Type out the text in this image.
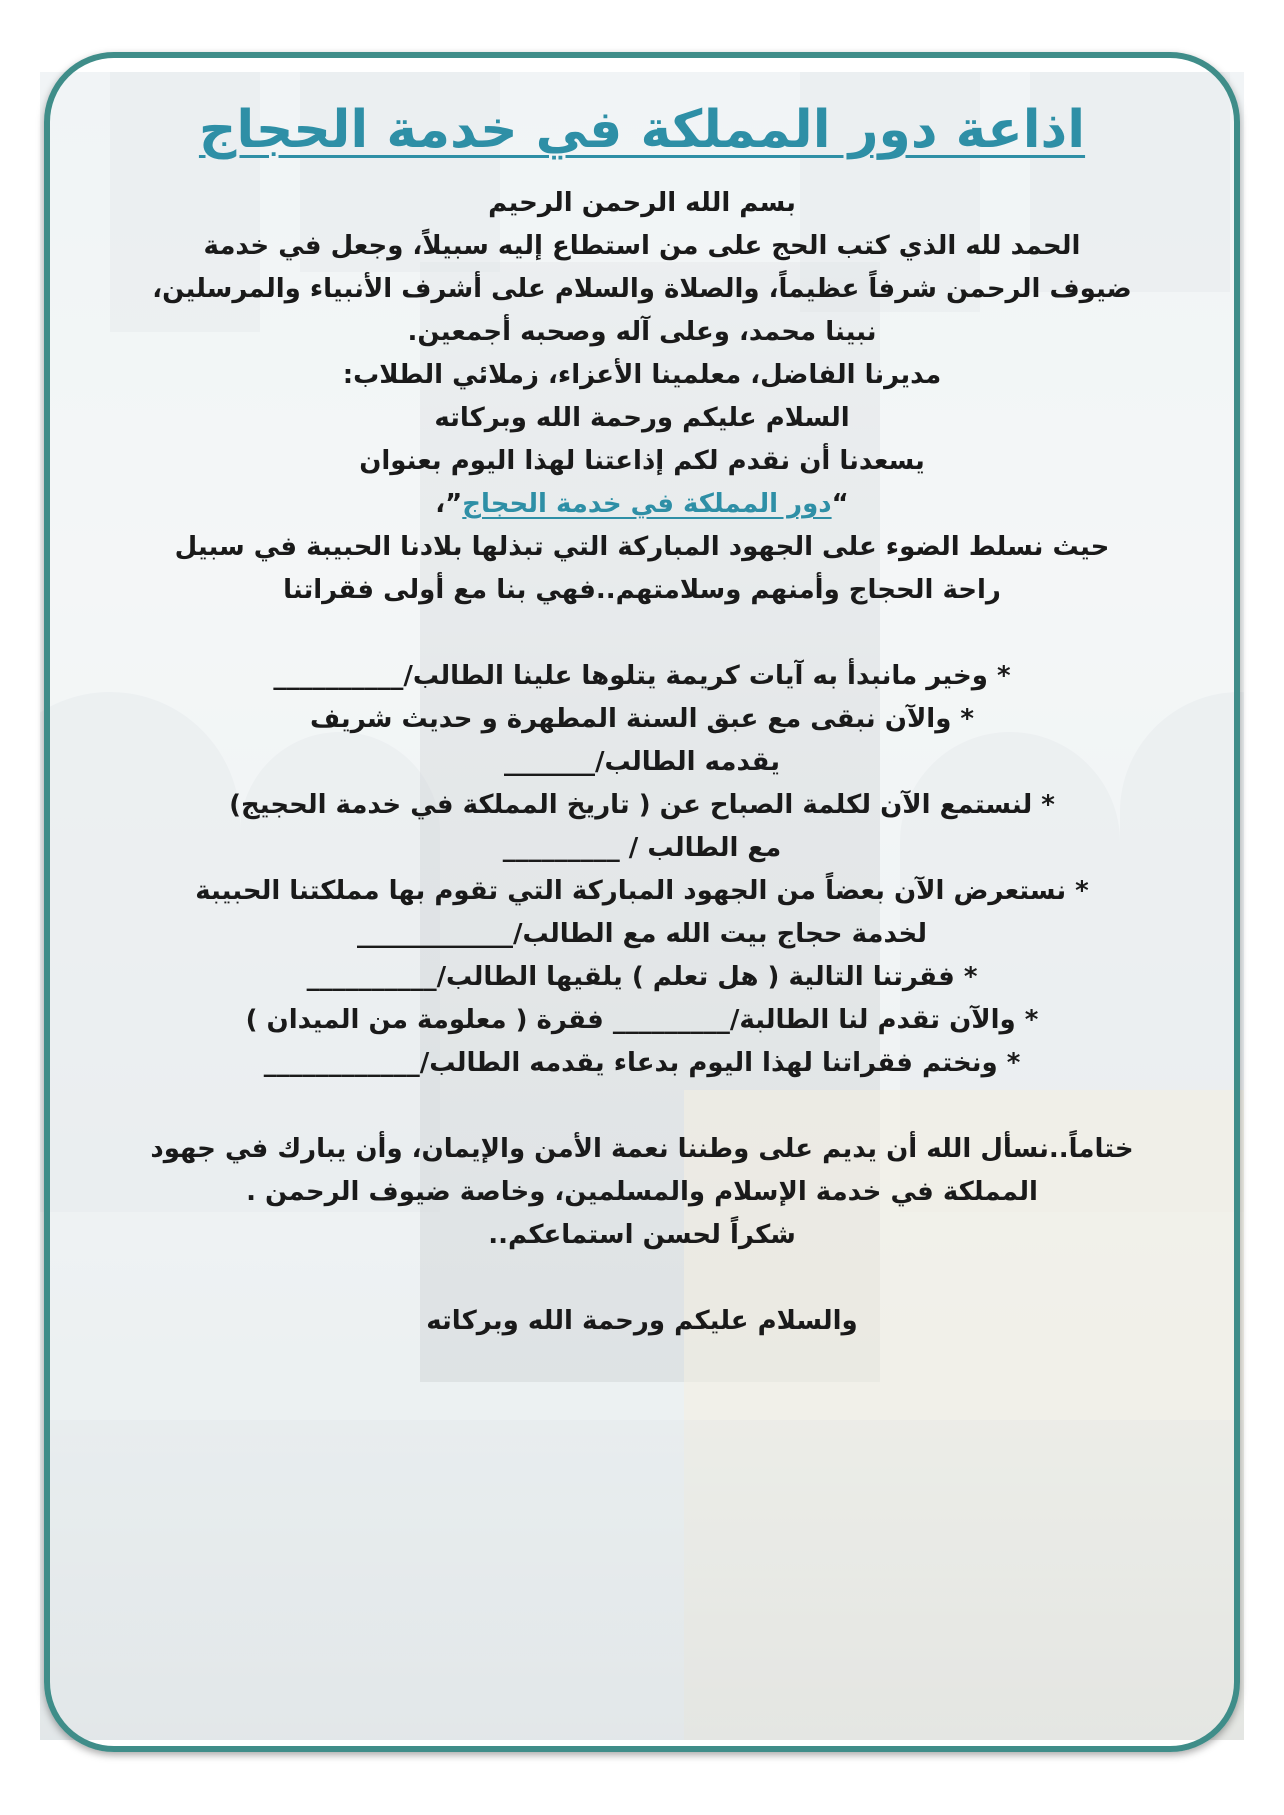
اذاعة دور المملكة في خدمة الحجاج
بسم الله الرحمن الرحيم
الحمد لله الذي كتب الحج على من استطاع إليه سبيلاً، وجعل في خدمة
ضيوف الرحمن شرفاً عظيماً، والصلاة والسلام على أشرف الأنبياء والمرسلين،
نبينا محمد، وعلى آله وصحبه أجمعين.
مديرنا الفاضل، معلمينا الأعزاء، زملائي الطلاب:
السلام عليكم ورحمة الله وبركاته
يسعدنا أن نقدم لكم إذاعتنا لهذا اليوم بعنوان
“دور المملكة في خدمة الحجاج”،
حيث نسلط الضوء على الجهود المباركة التي تبذلها بلادنا الحبيبة في سبيل
راحة الحجاج وأمنهم وسلامتهم..فهي بنا مع أولى فقراتنا
* وخير مانبدأ به آيات كريمة يتلوها علينا الطالب/__________
* والآن نبقى مع عبق السنة المطهرة و حديث شريف
يقدمه الطالب/_______
* لنستمع الآن لكلمة الصباح عن ( تاريخ المملكة في خدمة الحجيج)
مع الطالب / _________
* نستعرض الآن بعضاً من الجهود المباركة التي تقوم بها مملكتنا الحبيبة
لخدمة حجاج بيت الله مع الطالب/____________
* فقرتنا التالية ( هل تعلم ) يلقيها الطالب/__________
* والآن تقدم لنا الطالبة/_________ فقرة ( معلومة من الميدان )
* ونختم فقراتنا لهذا اليوم بدعاء يقدمه الطالب/____________
ختاماً..نسأل الله أن يديم على وطننا نعمة الأمن والإيمان، وأن يبارك في جهود
المملكة في خدمة الإسلام والمسلمين، وخاصة ضيوف الرحمن .
شكراً لحسن استماعكم..
والسلام عليكم ورحمة الله وبركاته
